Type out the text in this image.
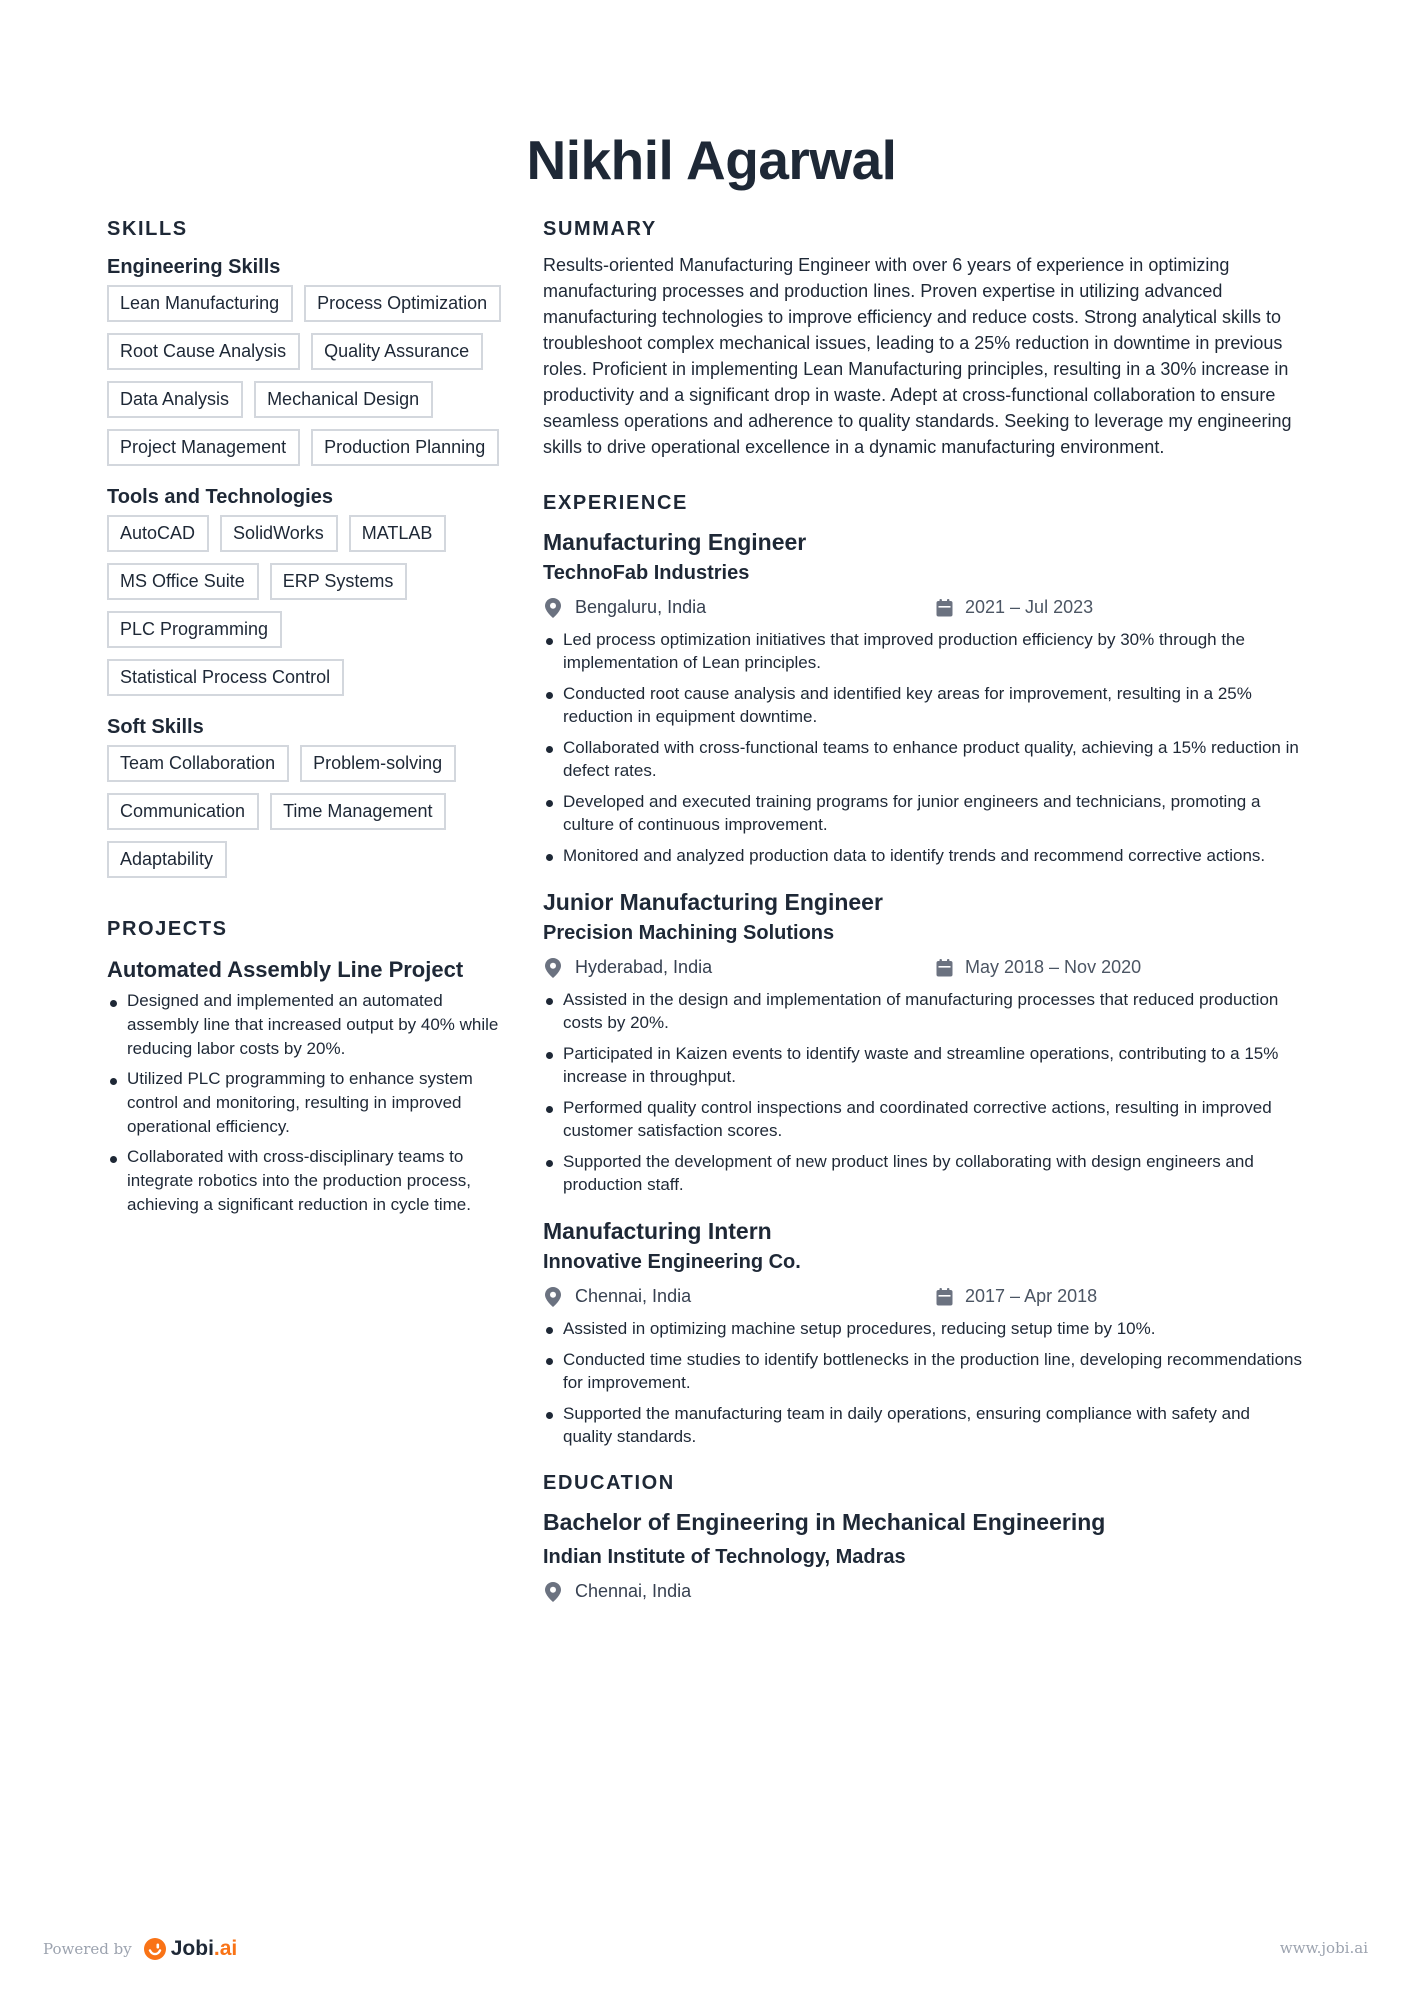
Nikhil Agarwal
SKILLS
Engineering Skills
Lean Manufacturing	Process Optimization
Root Cause Analysis	Quality Assurance
Data Analysis	Mechanical Design
Project Management	Production Planning
Tools and Technologies
AutoCAD	SolidWorks	MATLAB
MS Office Suite	ERP Systems
PLC Programming
Statistical Process Control
Soft Skills
Team Collaboration	Problem-solving
Communication	Time Management
Adaptability
PROJECTS
Automated Assembly Line Project
Designed and implemented an automated assembly line that increased output by 40% while reducing labor costs by 20%.
Utilized PLC programming to enhance system control and monitoring, resulting in improved operational efficiency.
Collaborated with cross-disciplinary teams to integrate robotics into the production process, achieving a significant reduction in cycle time.
SUMMARY

Results-oriented Manufacturing Engineer with over 6 years of experience in optimizing manufacturing processes and production lines. Proven expertise in utilizing advanced manufacturing technologies to improve efficiency and reduce costs. Strong analytical skills to troubleshoot complex mechanical issues, leading to a 25% reduction in downtime in previous roles. Proficient in implementing Lean Manufacturing principles, resulting in a 30% increase in productivity and a significant drop in waste. Adept at cross-functional collaboration to ensure seamless operations and adherence to quality standards. Seeking to leverage my engineering skills to drive operational excellence in a dynamic manufacturing environment.

EXPERIENCE
Manufacturing Engineer
TechnoFab Industries
Bengaluru, India	2021 – Jul 2023
Led process optimization initiatives that improved production efficiency by 30% through the implementation of Lean principles.
Conducted root cause analysis and identified key areas for improvement, resulting in a 25% reduction in equipment downtime.
Collaborated with cross-functional teams to enhance product quality, achieving a 15% reduction in defect rates.
Developed and executed training programs for junior engineers and technicians, promoting a culture of continuous improvement.
Monitored and analyzed production data to identify trends and recommend corrective actions.
Junior Manufacturing Engineer
Precision Machining Solutions
Hyderabad, India	May 2018 – Nov 2020
Assisted in the design and implementation of manufacturing processes that reduced production costs by 20%.
Participated in Kaizen events to identify waste and streamline operations, contributing to a 15% increase in throughput.
Performed quality control inspections and coordinated corrective actions, resulting in improved customer satisfaction scores.
Supported the development of new product lines by collaborating with design engineers and production staff.
Manufacturing Intern
Innovative Engineering Co.
Chennai, India	2017 – Apr 2018
Assisted in optimizing machine setup procedures, reducing setup time by 10%.
Conducted time studies to identify bottlenecks in the production line, developing recommendations for improvement.
Supported the manufacturing team in daily operations, ensuring compliance with safety and quality standards.
EDUCATION
Bachelor of Engineering in Mechanical Engineering
Indian Institute of Technology, Madras
Chennai, India
Powered by Jobi.ai	www.jobi.ai
